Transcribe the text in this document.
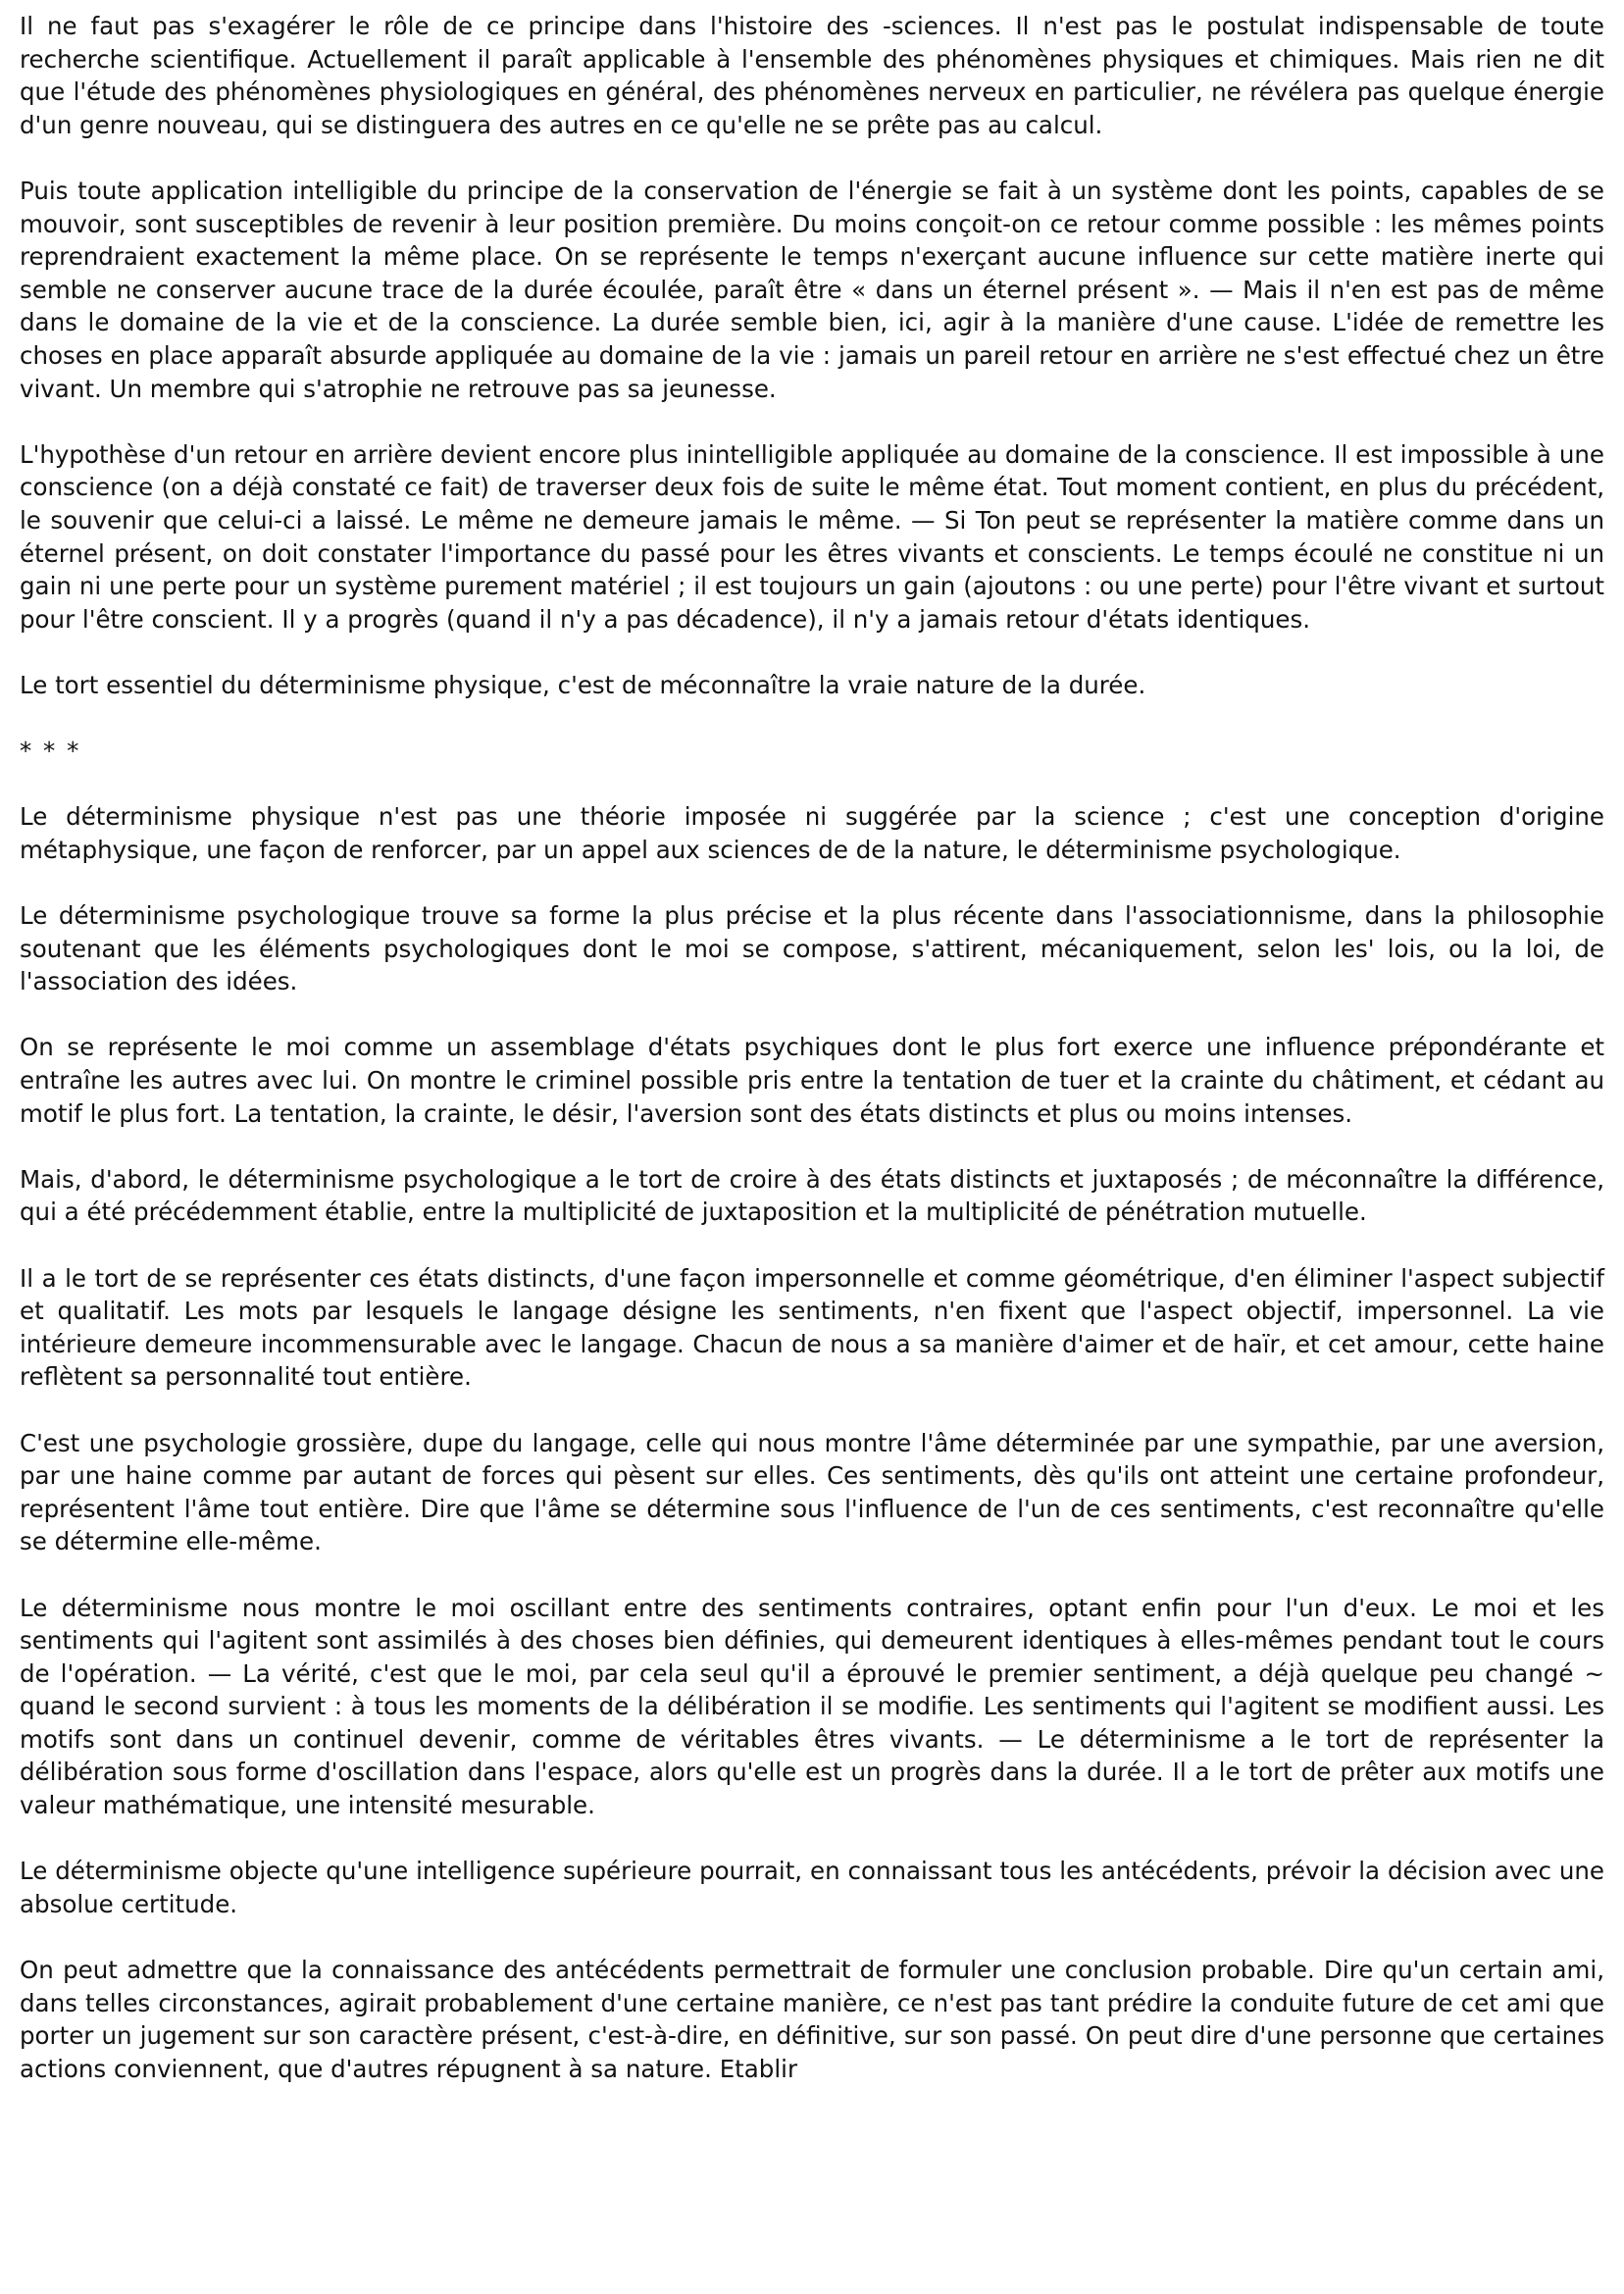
Il ne faut pas s'exagérer le rôle de ce principe dans l'histoire des -sciences. Il n'est pas le postulat indispensable de toute recherche scientifique. Actuellement il paraît applicable à l'ensemble des phénomènes physiques et chimiques. Mais rien ne dit que l'étude des phénomènes physiologiques en général, des phénomènes nerveux en particulier, ne révélera pas quelque énergie d'un genre nouveau, qui se distinguera des autres en ce qu'elle ne se prête pas au calcul.

Puis toute application intelligible du principe de la conservation de l'énergie se fait à un système dont les points, capables de se mouvoir, sont susceptibles de revenir à leur position première. Du moins conçoit-on ce retour comme possible : les mêmes points reprendraient exactement la même place. On se représente le temps n'exerçant aucune influence sur cette matière inerte qui semble ne conserver aucune trace de la durée écoulée, paraît être « dans un éternel présent ». — Mais il n'en est pas de même dans le domaine de la vie et de la conscience. La durée semble bien, ici, agir à la manière d'une cause. L'idée de remettre les choses en place apparaît absurde appliquée au domaine de la vie : jamais un pareil retour en arrière ne s'est effectué chez un être vivant. Un membre qui s'atrophie ne retrouve pas sa jeunesse.

L'hypothèse d'un retour en arrière devient encore plus inintelligible appliquée au domaine de la conscience. Il est impossible à une conscience (on a déjà constaté ce fait) de traverser deux fois de suite le même état. Tout moment contient, en plus du précédent, le souvenir que celui-ci a laissé. Le même ne demeure jamais le même. — Si Ton peut se représenter la matière comme dans un éternel présent, on doit constater l'importance du passé pour les êtres vivants et conscients. Le temps écoulé ne constitue ni un gain ni une perte pour un système purement matériel ; il est toujours un gain (ajoutons : ou une perte) pour l'être vivant et surtout pour l'être conscient. Il y a progrès (quand il n'y a pas décadence), il n'y a jamais retour d'états identiques.

Le tort essentiel du déterminisme physique, c'est de méconnaître la vraie nature de la durée.

* * *

Le déterminisme physique n'est pas une théorie imposée ni suggérée par la science ; c'est une conception d'origine métaphysique, une façon de renforcer, par un appel aux sciences de de la nature, le déterminisme psychologique.

Le déterminisme psychologique trouve sa forme la plus précise et la plus récente dans l'associationnisme, dans la philosophie soutenant que les éléments psychologiques dont le moi se compose, s'attirent, mécaniquement, selon les' lois, ou la loi, de l'association des idées.

On se représente le moi comme un assemblage d'états psychiques dont le plus fort exerce une influence prépondérante et entraîne les autres avec lui. On montre le criminel possible pris entre la tentation de tuer et la crainte du châtiment, et cédant au motif le plus fort. La tentation, la crainte, le désir, l'aversion sont des états distincts et plus ou moins intenses.

Mais, d'abord, le déterminisme psychologique a le tort de croire à des états distincts et juxtaposés ; de méconnaître la différence, qui a été précédemment établie, entre la multiplicité de juxtaposition et la multiplicité de pénétration mutuelle.

Il a le tort de se représenter ces états distincts, d'une façon impersonnelle et comme géométrique, d'en éliminer l'aspect subjectif et qualitatif. Les mots par lesquels le langage désigne les sentiments, n'en fixent que l'aspect objectif, impersonnel. La vie intérieure demeure incommensurable avec le langage. Chacun de nous a sa manière d'aimer et de haïr, et cet amour, cette haine reflètent sa personnalité tout entière.

C'est une psychologie grossière, dupe du langage, celle qui nous montre l'âme déterminée par une sympathie, par une aversion, par une haine comme par autant de forces qui pèsent sur elles. Ces sentiments, dès qu'ils ont atteint une certaine profondeur, représentent l'âme tout entière. Dire que l'âme se détermine sous l'influence de l'un de ces sentiments, c'est reconnaître qu'elle se détermine elle-même.

Le déterminisme nous montre le moi oscillant entre des sentiments contraires, optant enfin pour l'un d'eux. Le moi et les sentiments qui l'agitent sont assimilés à des choses bien définies, qui demeurent identiques à elles-mêmes pendant tout le cours de l'opération. — La vérité, c'est que le moi, par cela seul qu'il a éprouvé le premier sentiment, a déjà quelque peu changé ~ quand le second survient : à tous les moments de la délibération il se modifie. Les sentiments qui l'agitent se modifient aussi. Les motifs sont dans un continuel devenir, comme de véritables êtres vivants. — Le déterminisme a le tort de représenter la délibération sous forme d'oscillation dans l'espace, alors qu'elle est un progrès dans la durée. Il a le tort de prêter aux motifs une valeur mathématique, une intensité mesurable.

Le déterminisme objecte qu'une intelligence supérieure pourrait, en connaissant tous les antécédents, prévoir la décision avec une absolue certitude.

On peut admettre que la connaissance des antécédents permettrait de formuler une conclusion probable. Dire qu'un certain ami, dans telles circonstances, agirait probablement d'une certaine manière, ce n'est pas tant prédire la conduite future de cet ami que porter un jugement sur son caractère présent, c'est-à-dire, en définitive, sur son passé. On peut dire d'une personne que certaines actions conviennent, que d'autres répugnent à sa nature. Etablir
